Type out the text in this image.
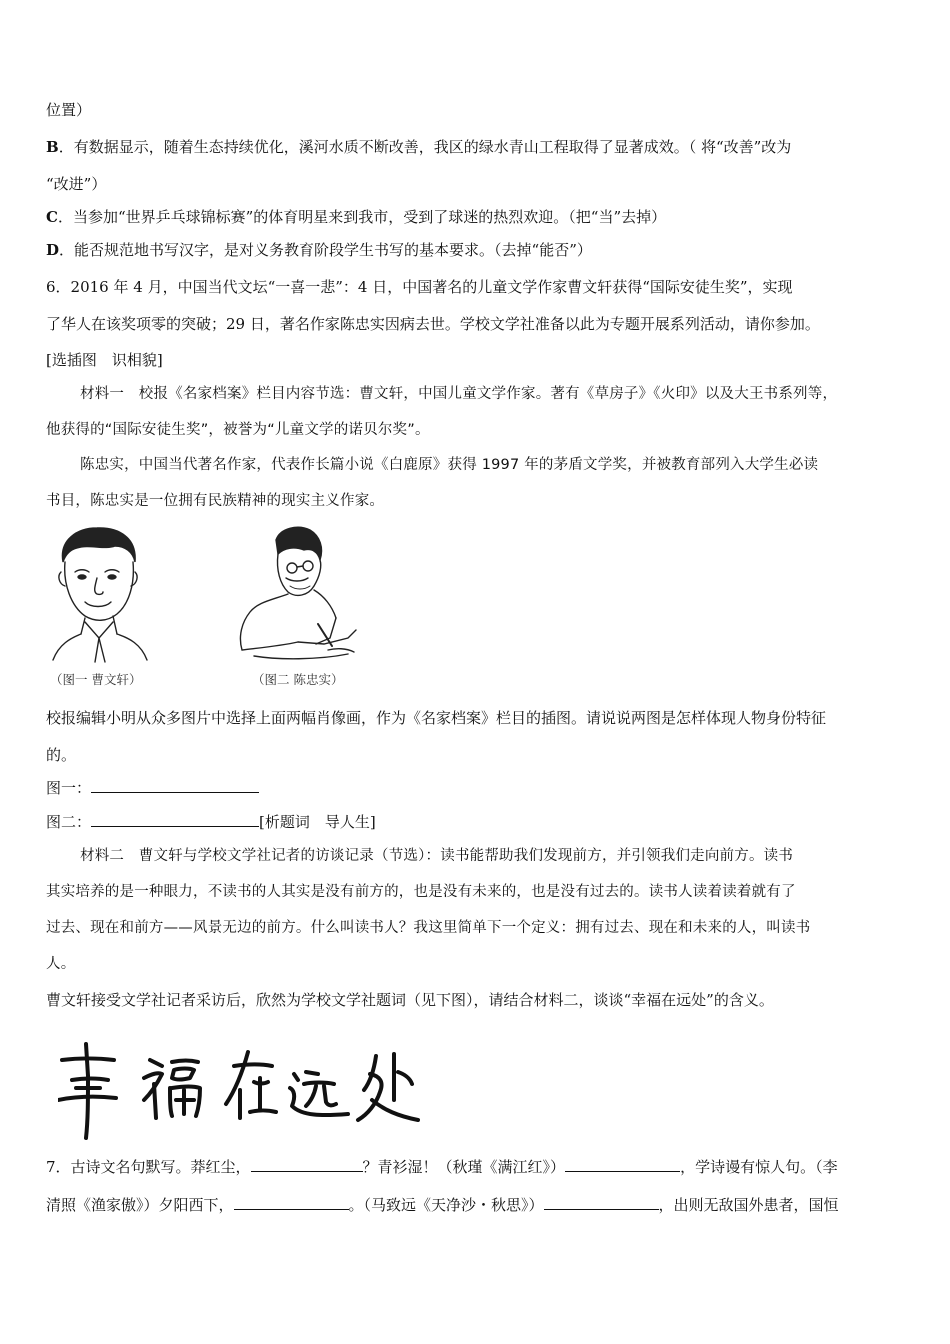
位置）
B．有数据显示，随着生态持续优化，溪河水质不断改善，我区的绿水青山工程取得了显著成效。（ 将“改善”改为
“改进”）
C．当参加“世界乒乓球锦标赛”的体育明星来到我市，受到了球迷的热烈欢迎。（把“当”去掉）
D．能否规范地书写汉字，是对义务教育阶段学生书写的基本要求。（去掉“能否”）
6．2016 年 4 月，中国当代文坛“一喜一悲”：4 日，中国著名的儿童文学作家曹文轩获得“国际安徒生奖”，实现
了华人在该奖项零的突破；29 日，著名作家陈忠实因病去世。学校文学社准备以此为专题开展系列活动，请你参加。
[选插图　识相貌]
材料一　校报《名家档案》栏目内容节选：曹文轩，中国儿童文学作家。著有《草房子》《火印》以及大王书系列等，
他获得的“国际安徒生奖”，被誉为“儿童文学的诺贝尔奖”。
陈忠实，中国当代著名作家，代表作长篇小说《白鹿原》获得 1997 年的茅盾文学奖，并被教育部列入大学生必读
书目，陈忠实是一位拥有民族精神的现实主义作家。
（图一 曹文轩）	（图二 陈忠实）
校报编辑小明从众多图片中选择上面两幅肖像画，作为《名家档案》栏目的插图。请说说两图是怎样体现人物身份特征
的。
图一：
图二：	[析题词　导人生]
材料二　曹文轩与学校文学社记者的访谈记录（节选）：读书能帮助我们发现前方，并引领我们走向前方。读书
其实培养的是一种眼力，不读书的人其实是没有前方的，也是没有未来的，也是没有过去的。读书人读着读着就有了
过去、现在和前方——风景无边的前方。什么叫读书人？我这里简单下一个定义：拥有过去、现在和未来的人，叫读书
人。
曹文轩接受文学社记者采访后，欣然为学校文学社题词（见下图），请结合材料二，谈谈“幸福在远处”的含义。
7．古诗文名句默写。莽红尘，	？青衫湿！（秋瑾《满江红》）	，学诗谩有惊人句。（李
清照《渔家傲》）夕阳西下，	。（马致远《天净沙・秋思》）	，出则无敌国外患者，国恒
